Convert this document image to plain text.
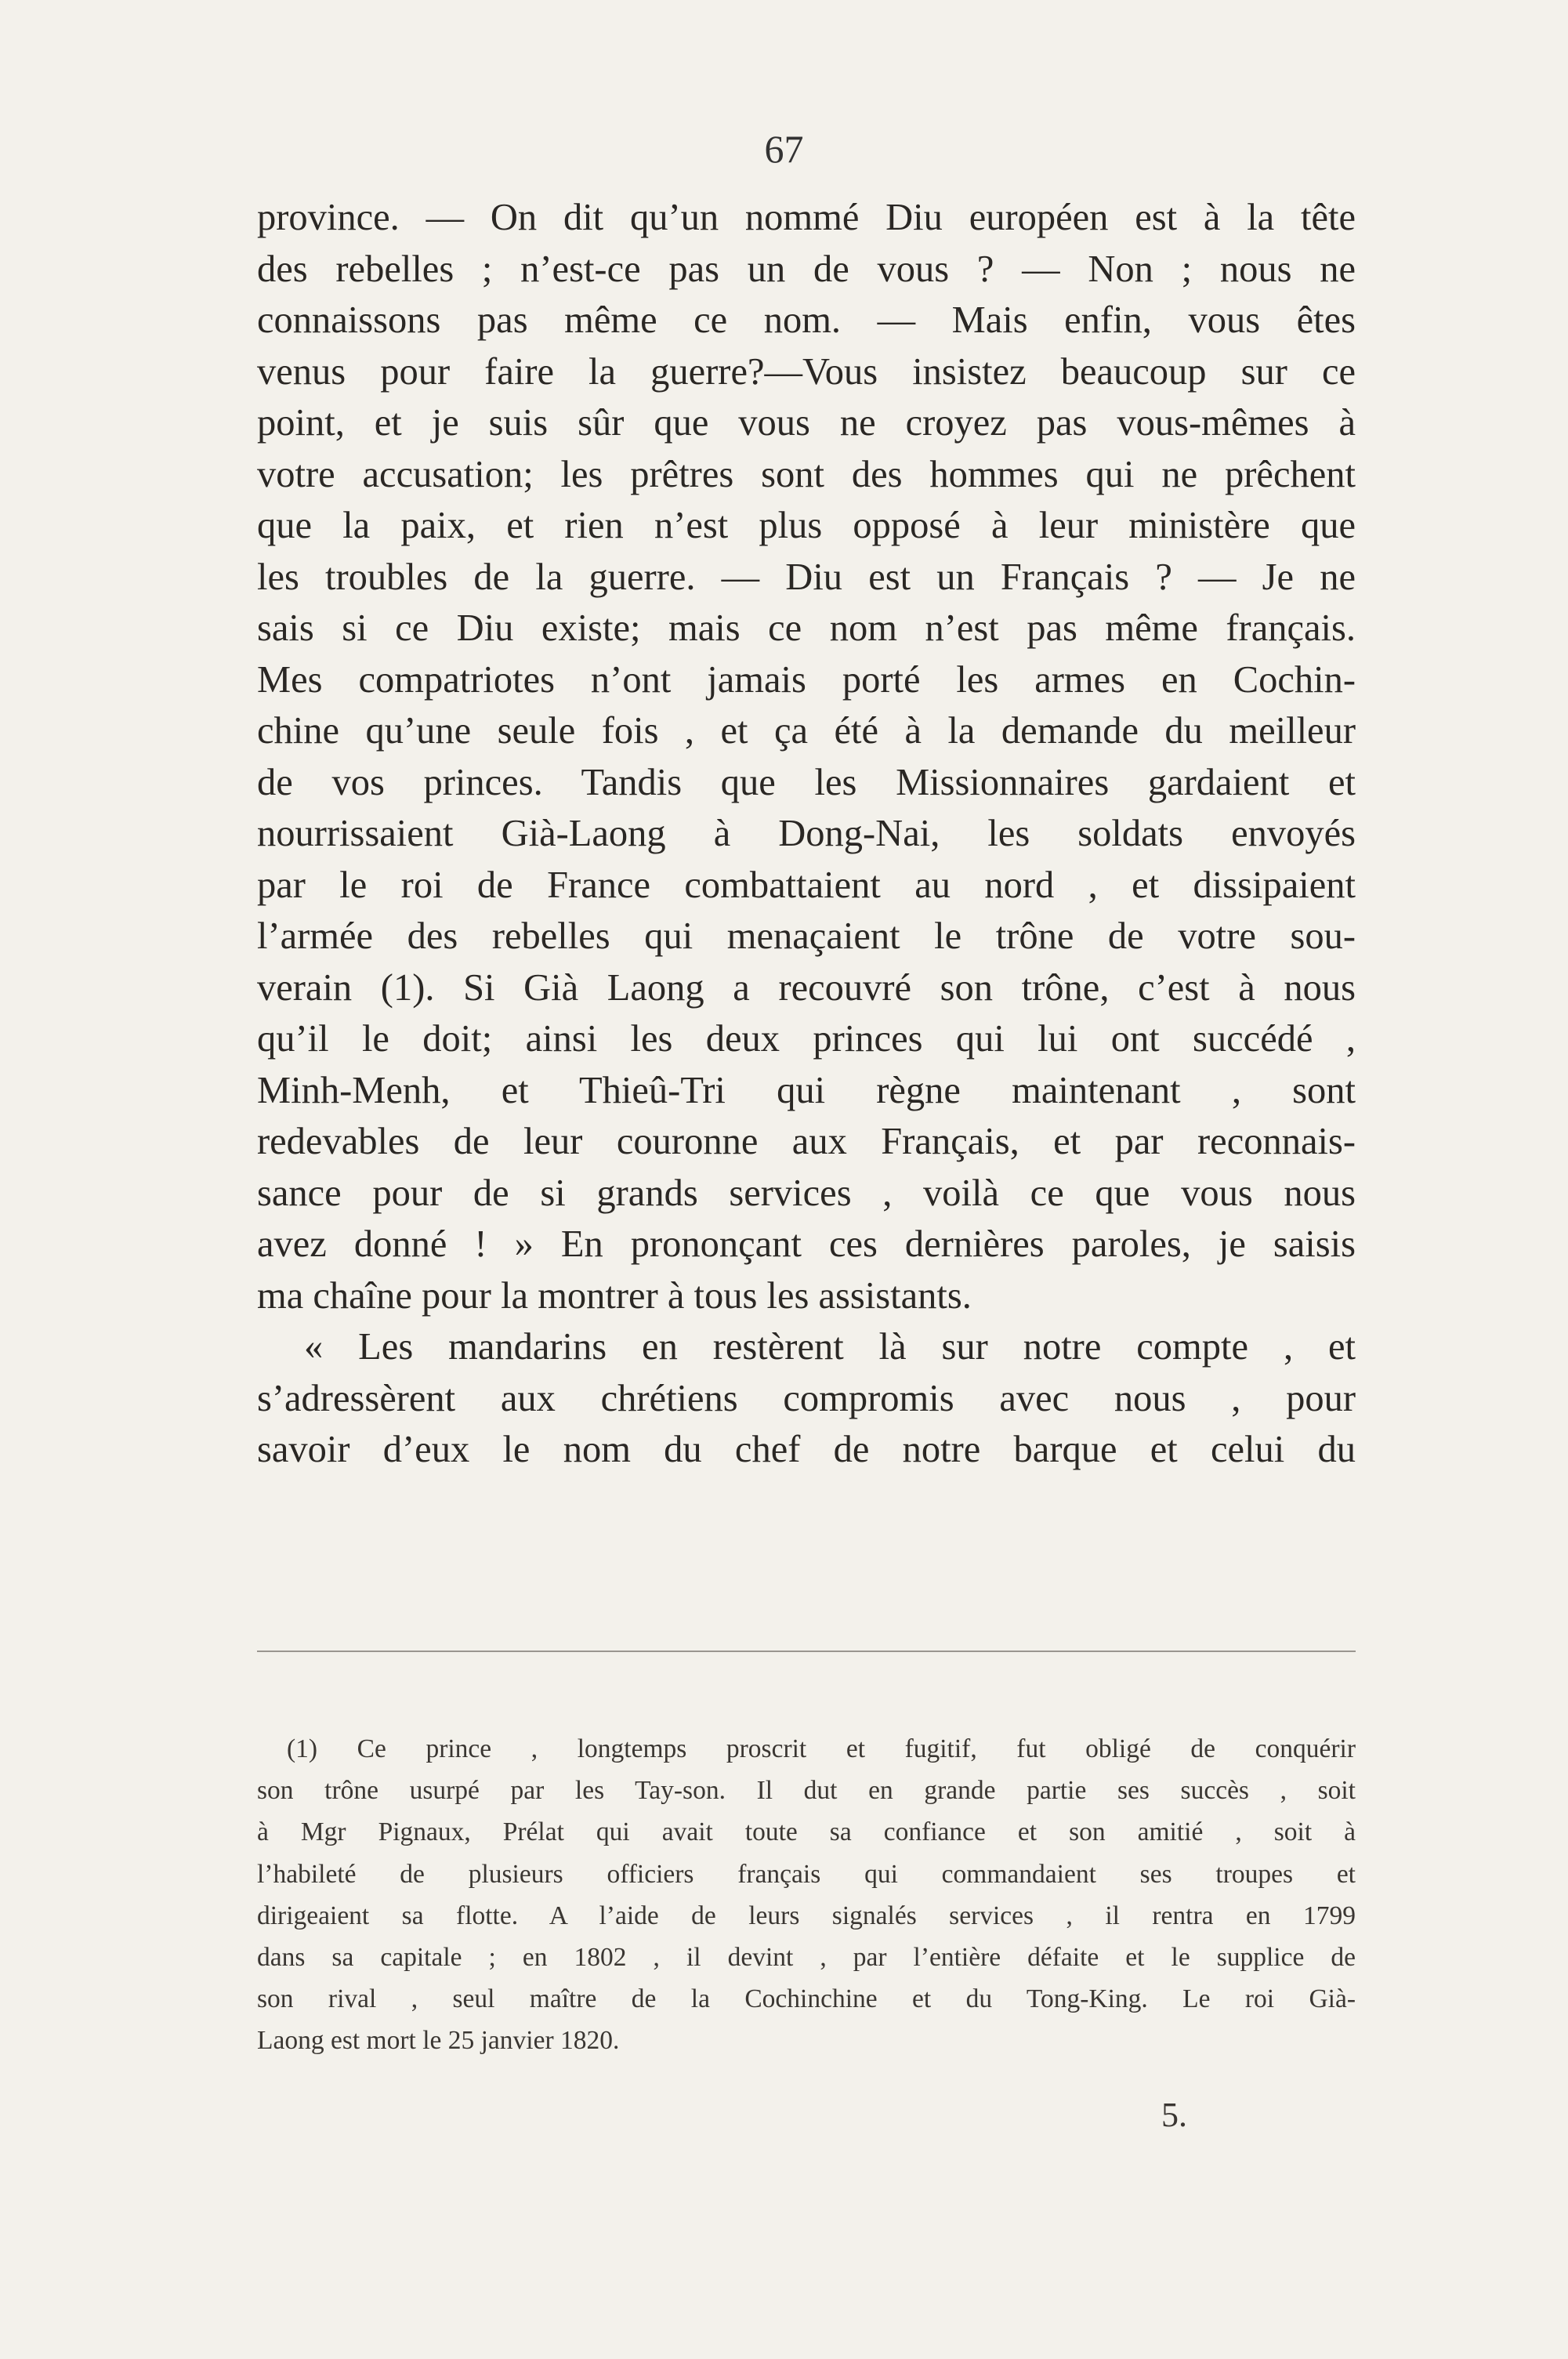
67
province. — On dit qu’un nommé Diu européen est à la tête
des rebelles ; n’est-ce pas un de vous ? — Non ; nous ne
connaissons pas même ce nom. — Mais enfin, vous êtes
venus pour faire la guerre?—Vous insistez beaucoup sur ce
point, et je suis sûr que vous ne croyez pas vous-mêmes à
votre accusation; les prêtres sont des hommes qui ne prêchent
que la paix, et rien n’est plus opposé à leur ministère que
les troubles de la guerre. — Diu est un Français ? — Je ne
sais si ce Diu existe; mais ce nom n’est pas même français.
Mes compatriotes n’ont jamais porté les armes en Cochin-
chine qu’une seule fois , et ça été à la demande du meilleur
de vos princes. Tandis que les Missionnaires gardaient et
nourrissaient Già-Laong à Dong-Nai, les soldats envoyés
par le roi de France combattaient au nord , et dissipaient
l’armée des rebelles qui menaçaient le trône de votre sou-
verain (1). Si Già Laong a recouvré son trône, c’est à nous
qu’il le doit; ainsi les deux princes qui lui ont succédé ,
Minh-Menh, et Thieû-Tri qui règne maintenant , sont
redevables de leur couronne aux Français, et par reconnais-
sance pour de si grands services , voilà ce que vous nous
avez donné ! » En prononçant ces dernières paroles, je saisis
ma chaîne pour la montrer à tous les assistants.
« Les mandarins en restèrent là sur notre compte , et
s’adressèrent aux chrétiens compromis avec nous , pour
savoir d’eux le nom du chef de notre barque et celui du
(1) Ce prince , longtemps proscrit et fugitif, fut obligé de conquérir
son trône usurpé par les Tay-son. Il dut en grande partie ses succès , soit
à Mgr Pignaux, Prélat qui avait toute sa confiance et son amitié , soit à
l’habileté de plusieurs officiers français qui commandaient ses troupes et
dirigeaient sa flotte. A l’aide de leurs signalés services , il rentra en 1799
dans sa capitale ; en 1802 , il devint , par l’entière défaite et le supplice de
son rival , seul maître de la Cochinchine et du Tong-King. Le roi Già-
Laong est mort le 25 janvier 1820.
5.
